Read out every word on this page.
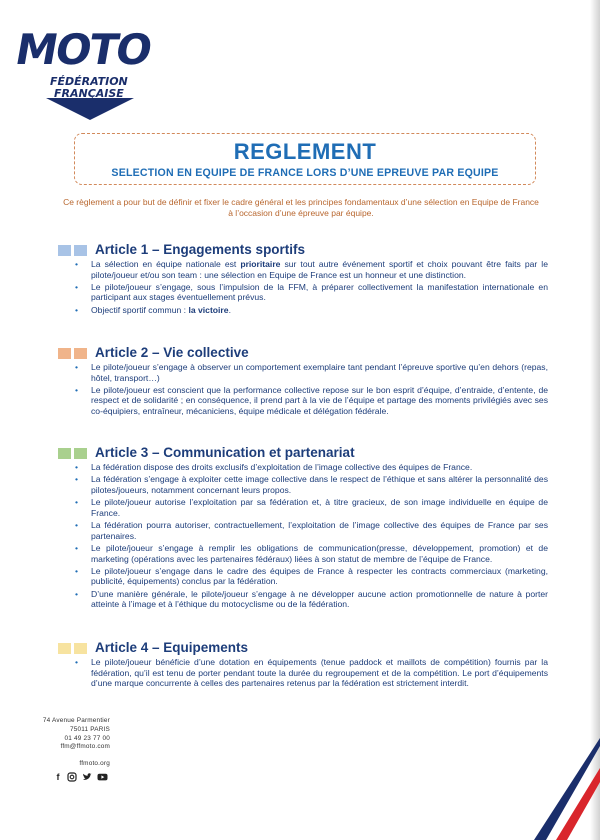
MOTO
FÉDÉRATION
FRANÇAISE
REGLEMENT
SELECTION EN EQUIPE DE FRANCE LORS D’UNE EPREUVE PAR EQUIPE
Ce règlement a pour but de définir et fixer le cadre général et les principes fondamentaux d’une sélection en Equipe de France à l’occasion d’une épreuve par équipe.
Article 1 – Engagements sportifs
• La sélection en équipe nationale est prioritaire sur tout autre événement sportif et choix pouvant être faits par le pilote/joueur et/ou son team : une sélection en Equipe de France est un honneur et une distinction.
• Le pilote/joueur s’engage, sous l’impulsion de la FFM, à préparer collectivement la manifestation internationale en participant aux stages éventuellement prévus.
• Objectif sportif commun : la victoire.
Article 2 – Vie collective
• Le pilote/joueur s’engage à observer un comportement exemplaire tant pendant l’épreuve sportive qu’en dehors (repas, hôtel, transport…)
• Le pilote/joueur est conscient que la performance collective repose sur le bon esprit d’équipe, d’entraide, d’entente, de respect et de solidarité ; en conséquence, il prend part à la vie de l’équipe et partage des moments privilégiés avec ses co-équipiers, entraîneur, mécaniciens, équipe médicale et délégation fédérale.
Article 3 – Communication et partenariat
• La fédération dispose des droits exclusifs d’exploitation de l’image collective des équipes de France.
• La fédération s’engage à exploiter cette image collective dans le respect de l’éthique et sans altérer la personnalité des pilotes/joueurs, notamment concernant leurs propos.
• Le pilote/joueur autorise l’exploitation par sa fédération et, à titre gracieux, de son image individuelle en équipe de France.
• La fédération pourra autoriser, contractuellement, l’exploitation de l’image collective des équipes de France par ses partenaires.
• Le pilote/joueur s’engage à remplir les obligations de communication(presse, développement, promotion) et de marketing (opérations avec les partenaires fédéraux) liées à son statut de membre de l’équipe de France.
• Le pilote/joueur s’engage dans le cadre des équipes de France à respecter les contracts commerciaux (marketing, publicité, équipements) conclus par la fédération.
• D’une manière générale, le pilote/joueur s’engage à ne développer aucune action promotionnelle de nature à porter atteinte à l’image et à l’éthique du motocyclisme ou de la fédération.
Article 4 – Equipements
• Le pilote/joueur bénéficie d’une dotation en équipements (tenue paddock et maillots de compétition) fournis par la fédération, qu’il est tenu de porter pendant toute la durée du regroupement et de la compétition. Le port d’équipements d’une marque concurrente à celles des partenaires retenus par la fédération est strictement interdit.
74 Avenue Parmentier
75011 PARIS
01 49 23 77 00
ffm@ffmoto.com
ffmoto.org
f
